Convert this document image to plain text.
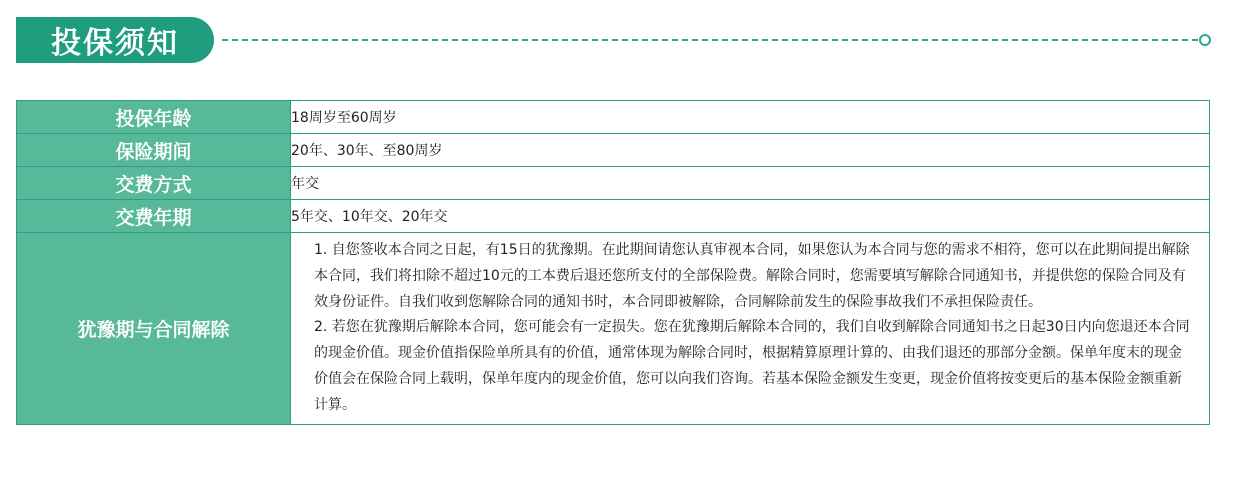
投保须知
投保年龄	18周岁至60周岁
保险期间	20年、30年、至80周岁
交费方式	年交
交费年期	5年交、10年交、20年交
犹豫期与合同解除	1. 自您签收本合同之日起，有15日的犹豫期。在此期间请您认真审视本合同，如果您认为本合同与您的需求不相符，您可以在此期间提出解除本合同，我们将扣除不超过10元的工本费后退还您所支付的全部保险费。解除合同时，您需要填写解除合同通知书，并提供您的保险合同及有效身份证件。自我们收到您解除合同的通知书时，本合同即被解除，合同解除前发生的保险事故我们不承担保险责任。

2. 若您在犹豫期后解除本合同，您可能会有一定损失。您在犹豫期后解除本合同的，我们自收到解除合同通知书之日起30日内向您退还本合同的现金价值。现金价值指保险单所具有的价值，通常体现为解除合同时，根据精算原理计算的、由我们退还的那部分金额。保单年度末的现金价值会在保险合同上载明，保单年度内的现金价值，您可以向我们咨询。若基本保险金额发生变更，现金价值将按变更后的基本保险金额重新计算。
